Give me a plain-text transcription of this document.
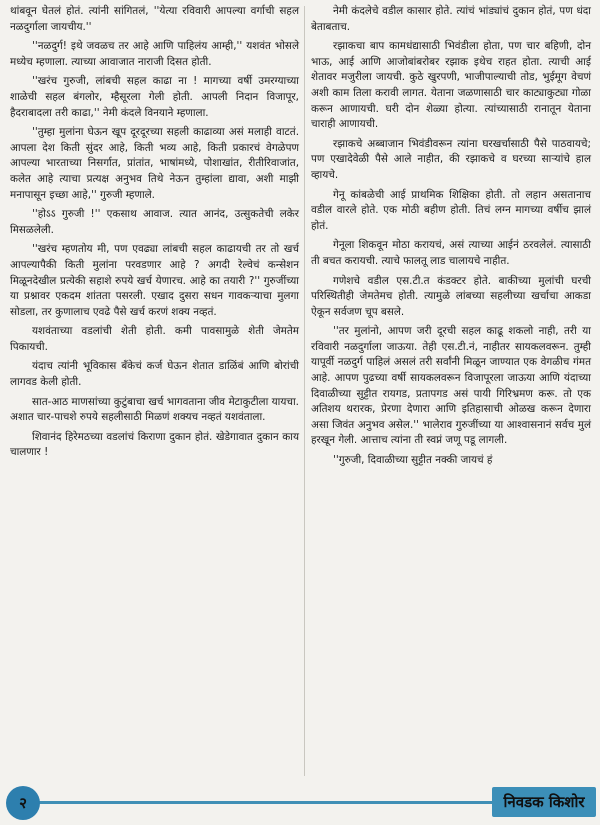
थांबवून घेतलं होतं. त्यांनी सांगितलं, ''येत्या रविवारी आपल्या वर्गाची सहल नळदुर्गाला जायचीय.''

''नळदुर्ग! इथे जवळच तर आहे आणि पाहिलंय आम्ही,'' यशवंत भोसले मध्येच म्हणाला. त्याच्या आवाजात नाराजी दिसत होती.

''खरंच गुरुजी, लांबची सहल काढा ना ! मागच्या वर्षी उमरग्याच्या शाळेची सहल बंगलोर, म्हैसूरला गेली होती. आपली निदान विजापूर, हैदराबादला तरी काढा,'' नेमी कंदले विनयाने म्हणाला.

''तुम्हा मुलांना घेऊन खूप दूरदूरच्या सहली काढाव्या असं मलाही वाटतं. आपला देश किती सुंदर आहे, किती भव्य आहे, किती प्रकारचं वेगळेपण आपल्या भारताच्या निसर्गात, प्रांतांत, भाषांमध्ये, पोशाखांत, रीतीरिवाजांत, कलेत आहे त्याचा प्रत्यक्ष अनुभव तिथे नेऊन तुम्हांला द्यावा, अशी माझी मनापासून इच्छा आहे,'' गुरुजी म्हणाले.

''होऽऽ गुरुजी !'' एकसाथ आवाज. त्यात आनंद, उत्सुकतेची लकेर मिसळलेली.

''खरंच म्हणतोय मी, पण एवढ्या लांबची सहल काढायची तर तो खर्च आपल्यापैकी किती मुलांना परवडणार आहे ? अगदी रेल्वेचं कन्सेशन मिळूनदेखील प्रत्येकी सहाशे रुपये खर्च येणारच. आहे का तयारी ?'' गुरुजींच्या या प्रश्नावर एकदम शांतता पसरली. एखाद दुसरा सधन गावकऱ्याचा मुलगा सोडला, तर कुणालाच एवढे पैसे खर्च करणं शक्य नव्हतं.

यशवंताच्या वडलांची शेती होती. कमी पावसामुळे शेती जेमतेम पिकायची.

यंदाच त्यांनी भूविकास बँकेचं कर्ज घेऊन शेतात डाळिंबं आणि बोरांची लागवड केली होती.

सात-आठ माणसांच्या कुटुंबाचा खर्च भागवताना जीव मेटाकुटीला यायचा. अशात चार-पाचशे रुपये सहलीसाठी मिळणं शक्यच नव्हतं यशवंताला.

शिवानंद हिरेमठच्या वडलांचं किराणा दुकान होतं. खेडेगावात दुकान काय चालणार !

नेमी कंदलेचे वडील कासार होते. त्यांचं भांड्यांचं दुकान होतं, पण धंदा बेताबताच.

रझाकचा बाप कामधंद्यासाठी भिवंडीला होता, पण चार बहिणी, दोन भाऊ, आई आणि आजोबांबरोबर रझाक इथेच राहत होता. त्याची आई शेतावर मजुरीला जायची. कुठे खुरपणी, भाजीपाल्याची तोड, भुईमूग वेचणं अशी काम तिला करावी लागत. येताना जळणासाठी चार काट्याकुट्या गोळा करून आणायची. घरी दोन शेळ्या होत्या. त्यांच्यासाठी रानातून येताना चाराही आणायची.

रझाकचे अब्बाजान भिवंडीवरून त्यांना घरखर्चासाठी पैसे पाठवायचे; पण एखादेवेळी पैसे आले नाहीत, की रझाकचे व घरच्या साऱ्यांचे हाल व्हायचे.

गेनू कांबळेची आई प्राथमिक शिक्षिका होती. तो लहान असतानाच वडील वारले होते. एक मोठी बहीण होती. तिचं लग्न मागच्या वर्षीच झालं होतं.

गेनूला शिकवून मोठा करायचं, असं त्याच्या आईनं ठरवलेलं. त्यासाठी ती बचत करायची. त्याचे फालतू लाड चालायचे नाहीत.

गणेशचे वडील एस.टी.त कंडक्टर होते. बाकीच्या मुलांची घरची परिस्थितीही जेमतेमच होती. त्यामुळे लांबच्या सहलीच्या खर्चाचा आकडा ऐकून सर्वजण चूप बसले.

''तर मुलांनो, आपण जरी दूरची सहल काढू शकलो नाही, तरी या रविवारी नळदुर्गाला जाऊया. तेही एस.टी.नं, नाहीतर सायकलवरून. तुम्ही यापूर्वी नळदुर्ग पाहिलं असलं तरी सर्वांनी मिळून जाण्यात एक वेगळीच गंमत आहे. आपण पुढच्या वर्षी सायकलवरून विजापूरला जाऊया आणि यंदाच्या दिवाळीच्या सुट्टीत रायगड, प्रतापगड असं पायी गिरिभ्रमण करू. तो एक अतिशय थरारक, प्रेरणा देणारा आणि इतिहासाची ओळख करून देणारा असा जिवंत अनुभव असेल.'' भालेराव गुरुजींच्या या आश्वासनानं सर्वच मुलं हरखून गेली. आत्ताच त्यांना ती स्वप्नं जणू पडू लागली.

''गुरुजी, दिवाळीच्या सुट्टीत नक्की जायचं हं

२	निवडक किशोर
